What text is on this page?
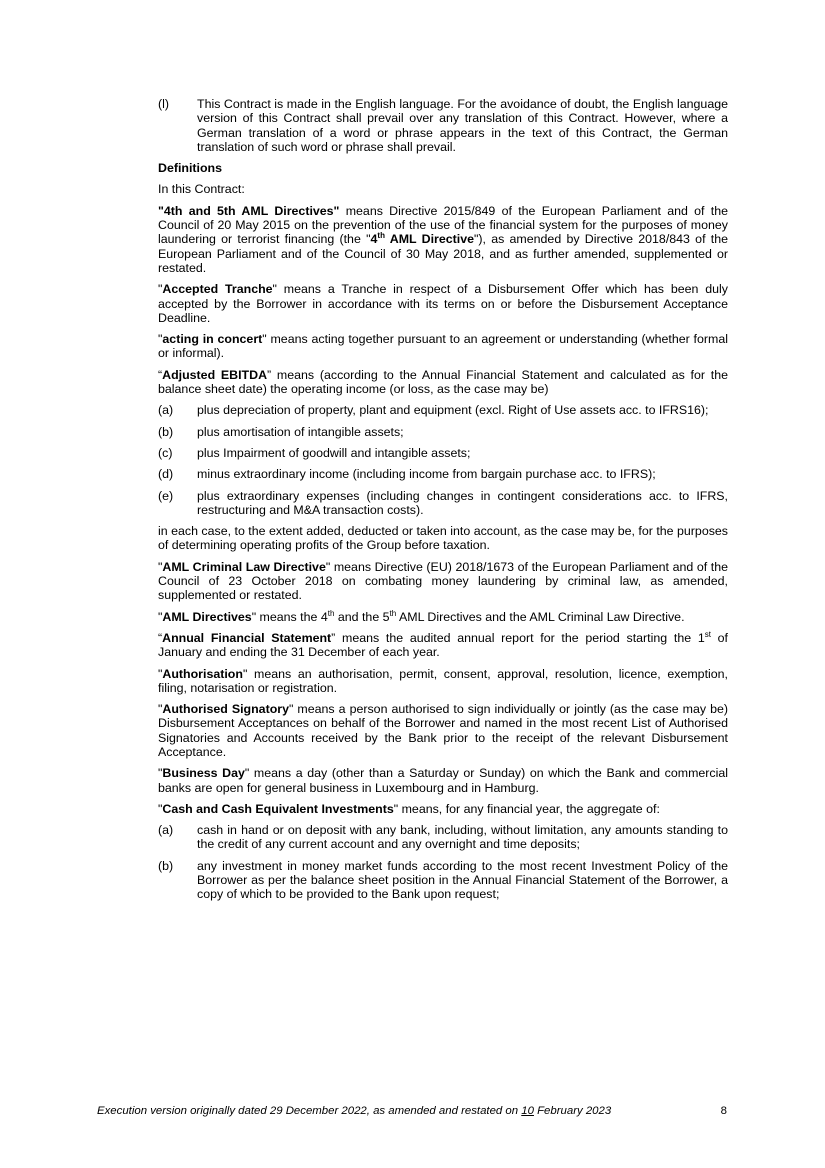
(l)	This Contract is made in the English language. For the avoidance of doubt, the English language version of this Contract shall prevail over any translation of this Contract. However, where a German translation of a word or phrase appears in the text of this Contract, the German translation of such word or phrase shall prevail.
Definitions
In this Contract:
"4th and 5th AML Directives" means Directive 2015/849 of the European Parliament and of the Council of 20 May 2015 on the prevention of the use of the financial system for the purposes of money laundering or terrorist financing (the "4th AML Directive"), as amended by Directive 2018/843 of the European Parliament and of the Council of 30 May 2018, and as further amended, supplemented or restated.
"Accepted Tranche" means a Tranche in respect of a Disbursement Offer which has been duly accepted by the Borrower in accordance with its terms on or before the Disbursement Acceptance Deadline.
"acting in concert" means acting together pursuant to an agreement or understanding (whether formal or informal).
“Adjusted EBITDA” means (according to the Annual Financial Statement and calculated as for the balance sheet date) the operating income (or loss, as the case may be)
(a)	plus depreciation of property, plant and equipment (excl. Right of Use assets acc. to IFRS16);
(b)	plus amortisation of intangible assets;
(c)	plus Impairment of goodwill and intangible assets;
(d)	minus extraordinary income (including income from bargain purchase acc. to IFRS);
(e)	plus extraordinary expenses (including changes in contingent considerations acc. to IFRS, restructuring and M&A transaction costs).
in each case, to the extent added, deducted or taken into account, as the case may be, for the purposes of determining operating profits of the Group before taxation.
"AML Criminal Law Directive" means Directive (EU) 2018/1673 of the European Parliament and of the Council of 23 October 2018 on combating money laundering by criminal law, as amended, supplemented or restated.
"AML Directives" means the 4th and the 5th AML Directives and the AML Criminal Law Directive.
“Annual Financial Statement” means the audited annual report for the period starting the 1st of January and ending the 31 December of each year.
"Authorisation" means an authorisation, permit, consent, approval, resolution, licence, exemption, filing, notarisation or registration.
"Authorised Signatory" means a person authorised to sign individually or jointly (as the case may be) Disbursement Acceptances on behalf of the Borrower and named in the most recent List of Authorised Signatories and Accounts received by the Bank prior to the receipt of the relevant Disbursement Acceptance.
"Business Day" means a day (other than a Saturday or Sunday) on which the Bank and commercial banks are open for general business in Luxembourg and in Hamburg.
"Cash and Cash Equivalent Investments" means, for any financial year, the aggregate of:
(a)	cash in hand or on deposit with any bank, including, without limitation, any amounts standing to the credit of any current account and any overnight and time deposits;
(b)	any investment in money market funds according to the most recent Investment Policy of the Borrower as per the balance sheet position in the Annual Financial Statement of the Borrower, a copy of which to be provided to the Bank upon request;
Execution version originally dated 29 December 2022, as amended and restated on 10 February 2023	8
